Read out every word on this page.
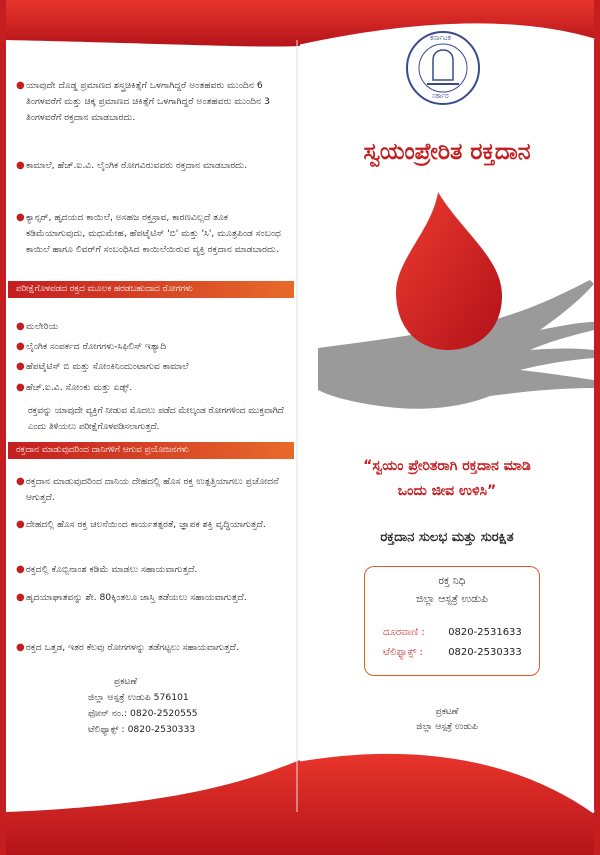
● ಯಾವುದೇ ದೊಡ್ಡ ಪ್ರಮಾಣದ ಶಸ್ತ್ರಚಿಕಿತ್ಸೆಗೆ ಒಳಗಾಗಿದ್ದರೆ ಅಂತಹವರು ಮುಂದಿನ 6 ತಿಂಗಳವರೆಗೆ ಮತ್ತು ಚಿಕ್ಕ ಪ್ರಮಾಣದ ಚಿಕಿತ್ಸೆಗೆ ಒಳಗಾಗಿದ್ದರೆ ಅಂತಹವರು ಮುಂದಿನ 3 ತಿಂಗಳವರೆಗೆ ರಕ್ತದಾನ ಮಾಡಬಾರದು.
● ಕಾಮಾಲೆ, ಹೆಚ್.ಐ.ವಿ. ಲೈಂಗಿಕ ರೋಗವಿರುವವರು ರಕ್ತದಾನ ಮಾಡಬಾರದು.
● ಕ್ಯಾನ್ಸರ್, ಹೃದಯದ ಕಾಯಿಲೆ, ಅಸಹಜ ರಕ್ತಸ್ರಾವ, ಕಾರಣವಿಲ್ಲದೆ ತೂಕ ಕಡಿಮೆಯಾಗುವುದು, ಮಧುಮೇಹ, ಹೆಪಟೈಟಿಸ್ 'ಬಿ' ಮತ್ತು 'ಸಿ', ಮೂತ್ರಪಿಂಡ ಸಂಬಂಧ ಕಾಯಿಲೆ ಹಾಗೂ ಲಿವರ್‌ಗೆ ಸಂಬಂಧಿಸಿದ ಕಾಯಿಲೆಯಿರುವ ವ್ಯಕ್ತಿ ರಕ್ತದಾನ ಮಾಡಬಾರದು.
ಪರೀಕ್ಷೆಗೊಳಪಡದ ರಕ್ತದ ಮೂಲಕ ಹರಡಬಹುದಾದ ರೋಗಗಳು
● ಮಲೇರಿಯ
● ಲೈಂಗಿಕ ಸಂಪರ್ಕದ ರೋಗಗಳು-ಸಿಫಿಲಿಸ್ ಇತ್ಯಾದಿ
● ಹೆಪಟೈಟಿಸ್ ಬಿ ಮತ್ತು ಸೋಂಕಿನಿಂದುಂಟಾಗುವ ಕಾಮಾಲೆ
● ಹೆಚ್.ಐ.ವಿ. ಸೋಂಕು ಮತ್ತು ಏಡ್ಸ್.
ರಕ್ತವನ್ನು ಯಾವುದೇ ವ್ಯಕ್ತಿಗೆ ನೀಡುವ ಮೊದಲು ಪಡೆದ ಮೇಲ್ಕಂಡ ರೋಗಗಳಿಂದ ಮುಕ್ತವಾಗಿದೆ ಎಂದು ತಿಳಿಯಲು ಪರೀಕ್ಷೆಗೊಳಪಡಿಸಲಾಗುತ್ತದೆ.
ರಕ್ತದಾನ ಮಾಡುವುದರಿಂದ ದಾನಿಗಳಿಗೆ ಆಗುವ ಪ್ರಯೋಜನಗಳು
● ರಕ್ತದಾನ ಮಾಡುವುದರಿಂದ ದಾನಿಯ ದೇಹದಲ್ಲಿ ಹೊಸ ರಕ್ತ ಉತ್ಪತ್ತಿಯಾಗಲು ಪ್ರಚೋದನೆ ಆಗುತ್ತದೆ.
● ದೇಹದಲ್ಲಿ ಹೊಸ ರಕ್ತ ಚಲನೆಯಿಂದ ಕಾರ್ಯತತ್ಪರತೆ, ಜ್ಞಾಪಕ ಶಕ್ತಿ ವೃದ್ಧಿಯಾಗುತ್ತದೆ.
● ರಕ್ತದಲ್ಲಿ ಕೊಬ್ಬಿನಾಂಶ ಕಡಿಮೆ ಮಾಡಲು ಸಹಾಯವಾಗುತ್ತದೆ.
● ಹೃದಯಾಘಾತವನ್ನು ಶೇ. 80ಕ್ಕಿಂತಲೂ ಜಾಸ್ತಿ ತಡೆಯಲು ಸಹಾಯವಾಗುತ್ತದೆ.
● ರಕ್ತದ ಒತ್ತಡ, ಇತರ ಕೆಲವು ರೋಗಗಳನ್ನು ತಡೆಗಟ್ಟಲು ಸಹಾಯವಾಗುತ್ತದೆ.
ಪ್ರಕಟಣೆ
ಜಿಲ್ಲಾ ಆಸ್ಪತ್ರೆ ಉಡುಪಿ 576101
ಫೋನ್ ನಂ.: 0820-2520555
ಟೆಲಿಫ್ಯಾಕ್ಸ್ : 0820-2530333
ಕರ್ನಾಟಕ
ಸರ್ಕಾರ
ಸ್ವಯಂಪ್ರೇರಿತ ರಕ್ತದಾನ
“ಸ್ವಯಂ ಪ್ರೇರಿತರಾಗಿ ರಕ್ತದಾನ ಮಾಡಿ
ಒಂದು ಜೀವ ಉಳಿಸಿ”
ರಕ್ತದಾನ ಸುಲಭ ಮತ್ತು ಸುರಕ್ಷಿತ
ರಕ್ತ ನಿಧಿ
ಜಿಲ್ಲಾ ಆಸ್ಪತ್ರೆ ಉಡುಪಿ
ದೂರವಾಣಿ : 0820-2531633
ಟೆಲಿಫ್ಯಾಕ್ಸ್ :	0820-2530333
ಪ್ರಕಟಣೆ
ಜಿಲ್ಲಾ ಆಸ್ಪತ್ರೆ ಉಡುಪಿ
